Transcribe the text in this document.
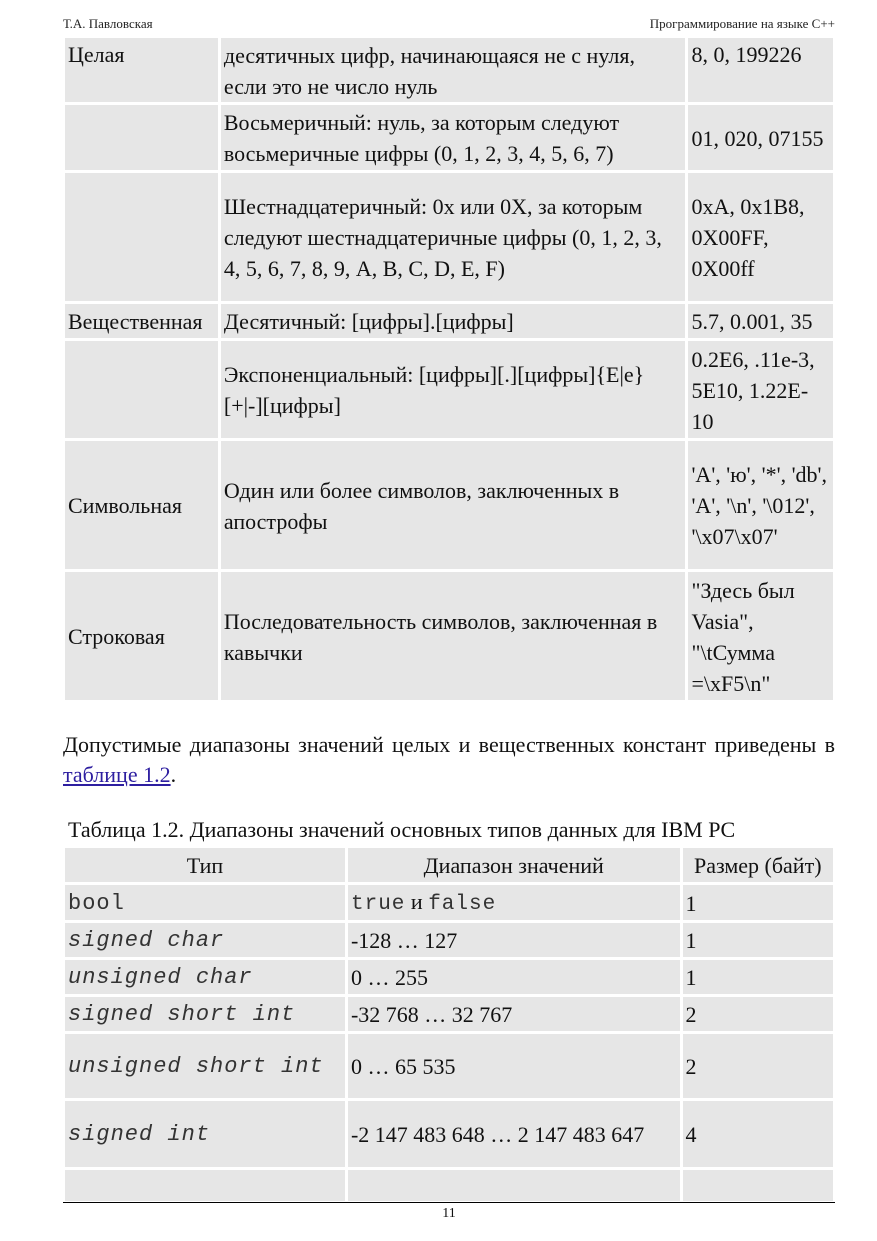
Т.А. Павловская	Программирование на языке С++
Целая	десятичных цифр, начинающаяся не с нуля, если это не число нуль	8, 0, 199226
	Восьмеричный: нуль, за которым следуют восьмеричные цифры (0, 1, 2, 3, 4, 5, 6, 7)	01, 020, 07155
	Шестнадцатеричный: 0х или 0Х, за которым следуют шестнадцатеричные цифры (0, 1, 2, 3, 4, 5, 6, 7, 8, 9, A, B, C, D, E, F)	0xA, 0x1B8, 0X00FF, 0X00ff
Вещественная	Десятичный: [цифры].[цифры]	5.7, 0.001, 35
	Экспоненциальный: [цифры][.][цифры]{E|e}[+|-][цифры]	0.2E6, .11e-3, 5E10, 1.22E-10
Символьная	Один или более символов, заключенных в апострофы	'A', 'ю', '*', 'db', 'A', '\n', '\012', '\x07\x07'
Строковая	Последовательность символов, заключенная в кавычки	"Здесь был Vasia", "\tСумма =\xF5\n"

Допустимые диапазоны значений целых и вещественных констант приведены в таблице 1.2.

Таблица 1.2. Диапазоны значений основных типов данных для IBM PC
Тип	Диапазон значений	Размер (байт)
bool	true и false	1
signed char	-128 … 127	1
unsigned char	0 … 255	1
signed short int	-32 768 … 32 767	2
unsigned short int	0 … 65 535	2
signed int	-2 147 483 648 … 2 147 483 647	4

11
